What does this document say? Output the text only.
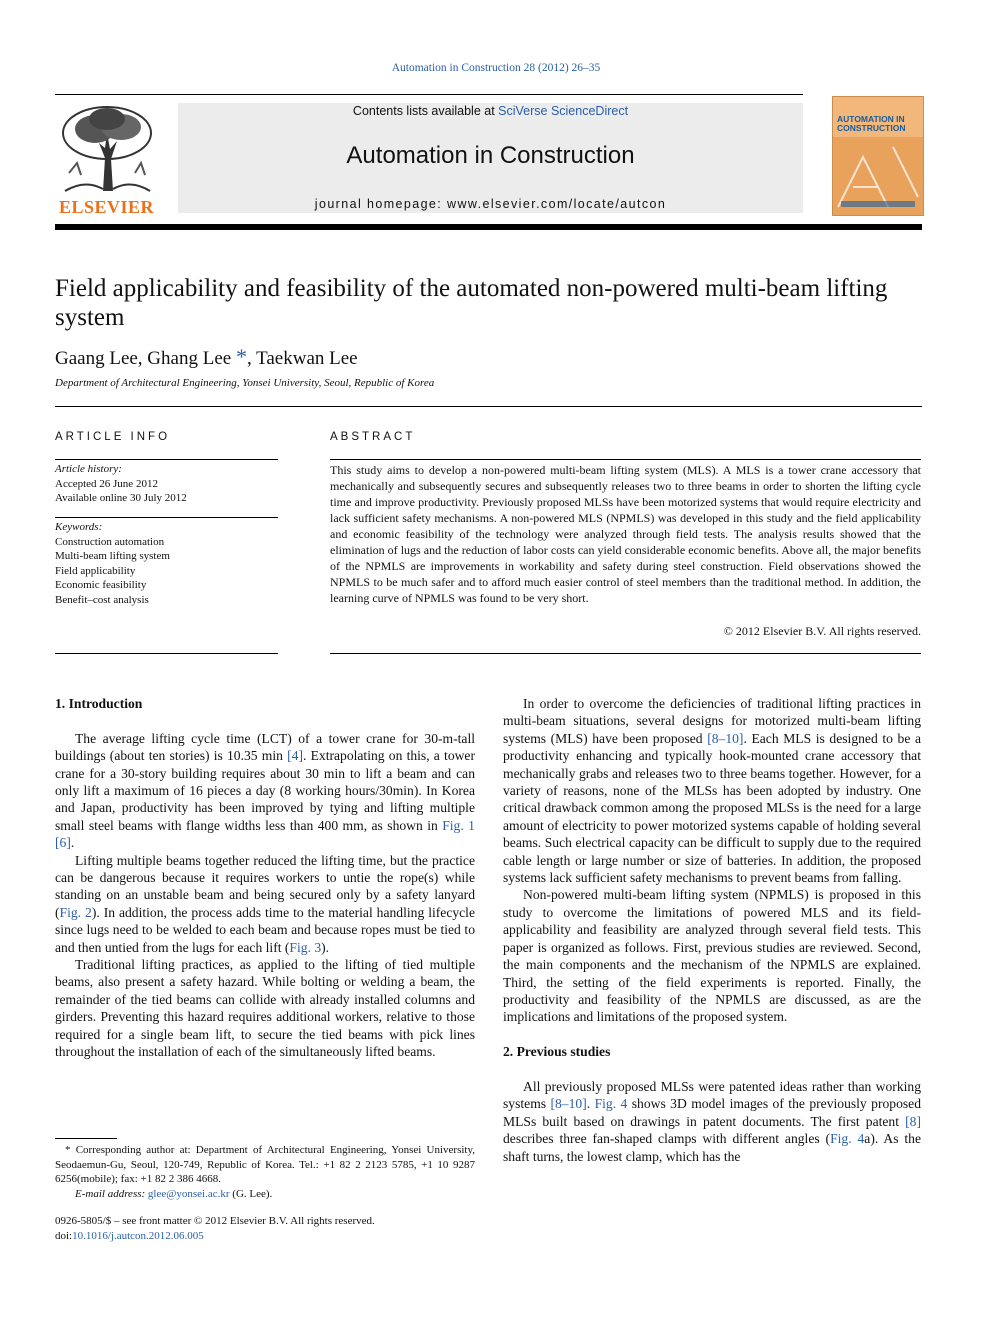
Automation in Construction 28 (2012) 26–35
ELSEVIER
Contents lists available at SciVerse ScienceDirect
Automation in Construction
journal homepage: www.elsevier.com/locate/autcon
AUTOMATION IN CONSTRUCTION
Field applicability and feasibility of the automated non-powered multi-beam lifting system
Gaang Lee, Ghang Lee *, Taekwan Lee
Department of Architectural Engineering, Yonsei University, Seoul, Republic of Korea
ARTICLE INFO
Article history:
Accepted 26 June 2012
Available online 30 July 2012
Keywords:
Construction automation
Multi-beam lifting system
Field applicability
Economic feasibility
Benefit–cost analysis
ABSTRACT
This study aims to develop a non-powered multi-beam lifting system (MLS). A MLS is a tower crane accessory that mechanically and subsequently secures and subsequently releases two to three beams in order to shorten the lifting cycle time and improve productivity. Previously proposed MLSs have been motorized systems that would require electricity and lack sufficient safety mechanisms. A non-powered MLS (NPMLS) was developed in this study and the field applicability and economic feasibility of the technology were analyzed through field tests. The analysis results showed that the elimination of lugs and the reduction of labor costs can yield considerable economic benefits. Above all, the major benefits of the NPMLS are improvements in workability and safety during steel construction. Field observations showed the NPMLS to be much safer and to afford much easier control of steel members than the traditional method. In addition, the learning curve of NPMLS was found to be very short.
© 2012 Elsevier B.V. All rights reserved.
1. Introduction

The average lifting cycle time (LCT) of a tower crane for 30-m-tall buildings (about ten stories) is 10.35 min [4]. Extrapolating on this, a tower crane for a 30-story building requires about 30 min to lift a beam and can only lift a maximum of 16 pieces a day (8 working hours/30min). In Korea and Japan, productivity has been improved by tying and lifting multiple small steel beams with flange widths less than 400 mm, as shown in Fig. 1 [6].

Lifting multiple beams together reduced the lifting time, but the practice can be dangerous because it requires workers to untie the rope(s) while standing on an unstable beam and being secured only by a safety lanyard (Fig. 2). In addition, the process adds time to the material handling lifecycle since lugs need to be welded to each beam and because ropes must be tied to and then untied from the lugs for each lift (Fig. 3).

Traditional lifting practices, as applied to the lifting of tied multiple beams, also present a safety hazard. While bolting or welding a beam, the remainder of the tied beams can collide with already installed columns and girders. Preventing this hazard requires additional workers, relative to those required for a single beam lift, to secure the tied beams with pick lines throughout the installation of each of the simultaneously lifted beams.

* Corresponding author at: Department of Architectural Engineering, Yonsei University, Seodaemun-Gu, Seoul, 120-749, Republic of Korea. Tel.: +1 82 2 2123 5785, +1 10 9287 6256(mobile); fax: +1 82 2 386 4668.
E-mail address: glee@yonsei.ac.kr (G. Lee).
0926-5805/$ – see front matter © 2012 Elsevier B.V. All rights reserved.
doi:10.1016/j.autcon.2012.06.005

In order to overcome the deficiencies of traditional lifting practices in multi-beam situations, several designs for motorized multi-beam lifting systems (MLS) have been proposed [8–10]. Each MLS is designed to be a productivity enhancing and typically hook-mounted crane accessory that mechanically grabs and releases two to three beams together. However, for a variety of reasons, none of the MLSs has been adopted by industry. One critical drawback common among the proposed MLSs is the need for a large amount of electricity to power motorized systems capable of holding several beams. Such electrical capacity can be difficult to supply due to the required cable length or large number or size of batteries. In addition, the proposed systems lack sufficient safety mechanisms to prevent beams from falling.

Non-powered multi-beam lifting system (NPMLS) is proposed in this study to overcome the limitations of powered MLS and its field-applicability and feasibility are analyzed through several field tests. This paper is organized as follows. First, previous studies are reviewed. Second, the main components and the mechanism of the NPMLS are explained. Third, the setting of the field experiments is reported. Finally, the productivity and feasibility of the NPMLS are discussed, as are the implications and limitations of the proposed system.

2. Previous studies

All previously proposed MLSs were patented ideas rather than working systems [8–10]. Fig. 4 shows 3D model images of the previously proposed MLSs built based on drawings in patent documents. The first patent [8] describes three fan-shaped clamps with different angles (Fig. 4a). As the shaft turns, the lowest clamp, which has the
